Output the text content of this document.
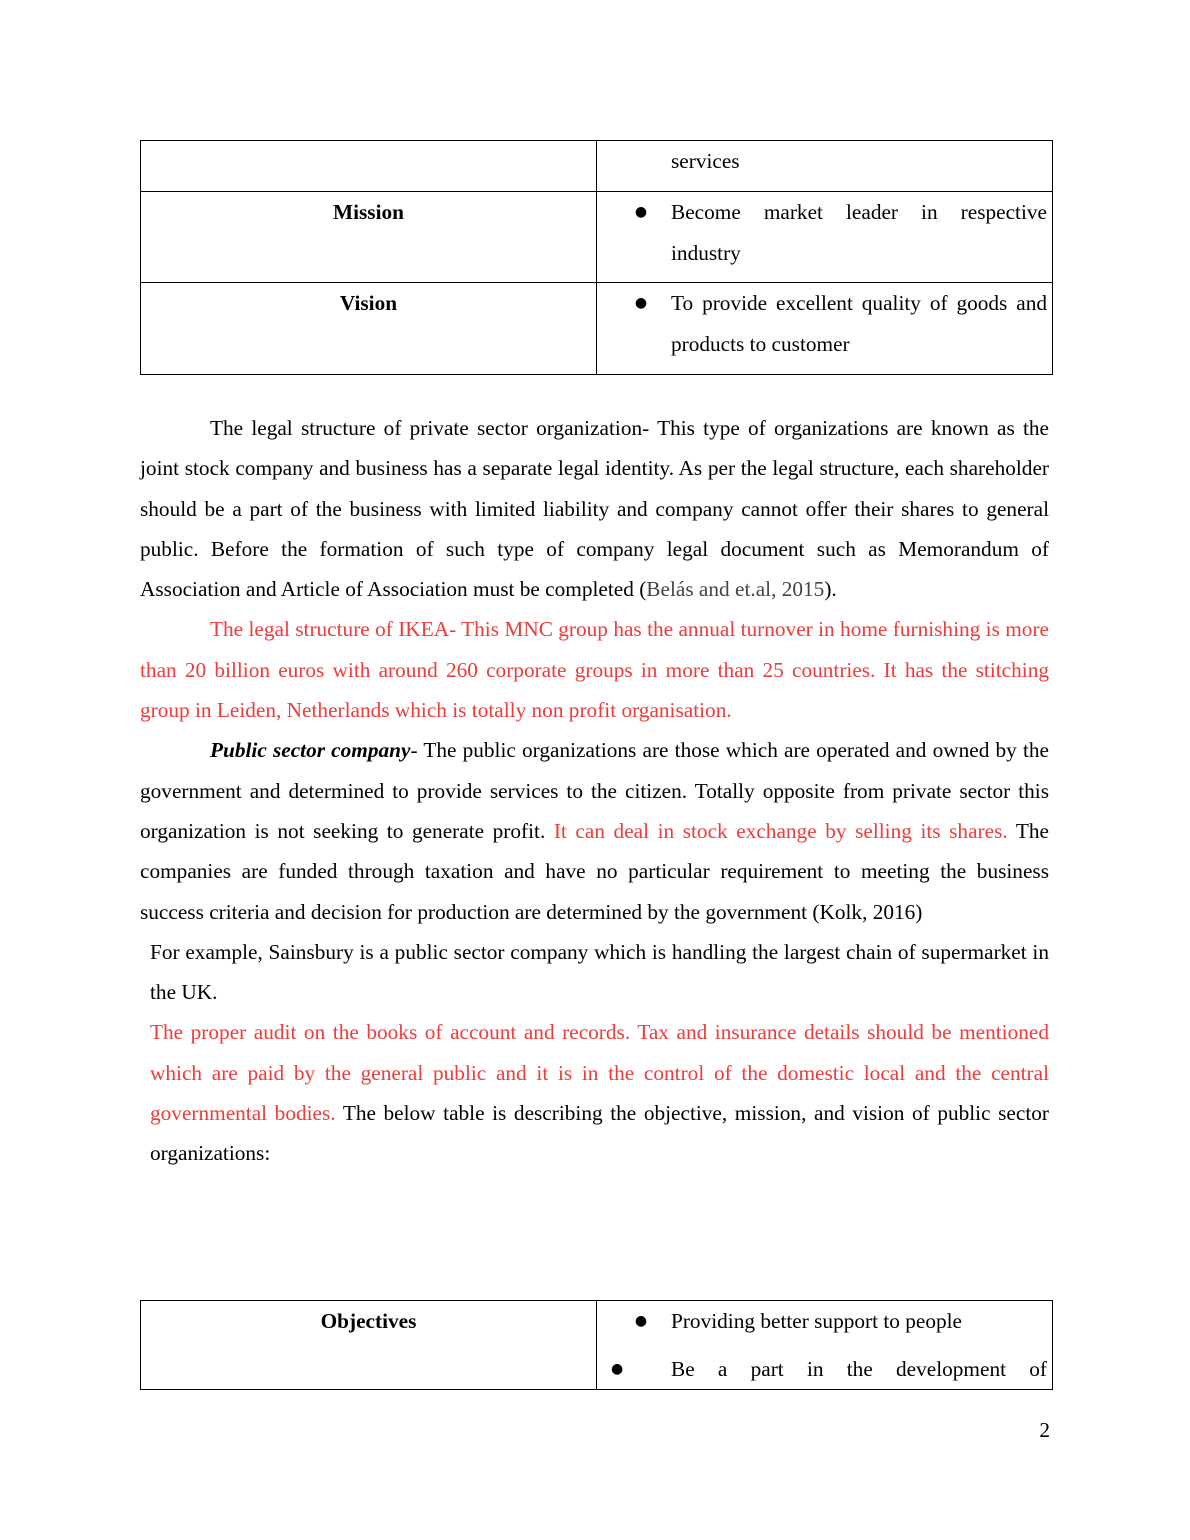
	services

Mission	● Become market leader in respective industry

Vision	● To provide excellent quality of goods and products to customer

The legal structure of private sector organization- This type of organizations are known as the joint stock company and business has a separate legal identity. As per the legal structure, each shareholder should be a part of the business with limited liability and company cannot offer their shares to general public. Before the formation of such type of company legal document such as Memorandum of Association and Article of Association must be completed (Belás and et.al, 2015).

The legal structure of IKEA- This MNC group has the annual turnover in home furnishing is more than 20 billion euros with around 260 corporate groups in more than 25 countries. It has the stitching group in Leiden, Netherlands which is totally non profit organisation.

Public sector company- The public organizations are those which are operated and owned by the government and determined to provide services to the citizen. Totally opposite from private sector this organization is not seeking to generate profit. It can deal in stock exchange by selling its shares. The companies are funded through taxation and have no particular requirement to meeting the business success criteria and decision for production are determined by the government (Kolk, 2016)

For example, Sainsbury is a public sector company which is handling the largest chain of supermarket in the UK.

The proper audit on the books of account and records. Tax and insurance details should be mentioned which are paid by the general public and it is in the control of the domestic local and the central governmental bodies. The below table is describing the objective, mission, and vision of public sector organizations:

Objectives	●	Providing better support to people
●	Be a part in the development of
2
